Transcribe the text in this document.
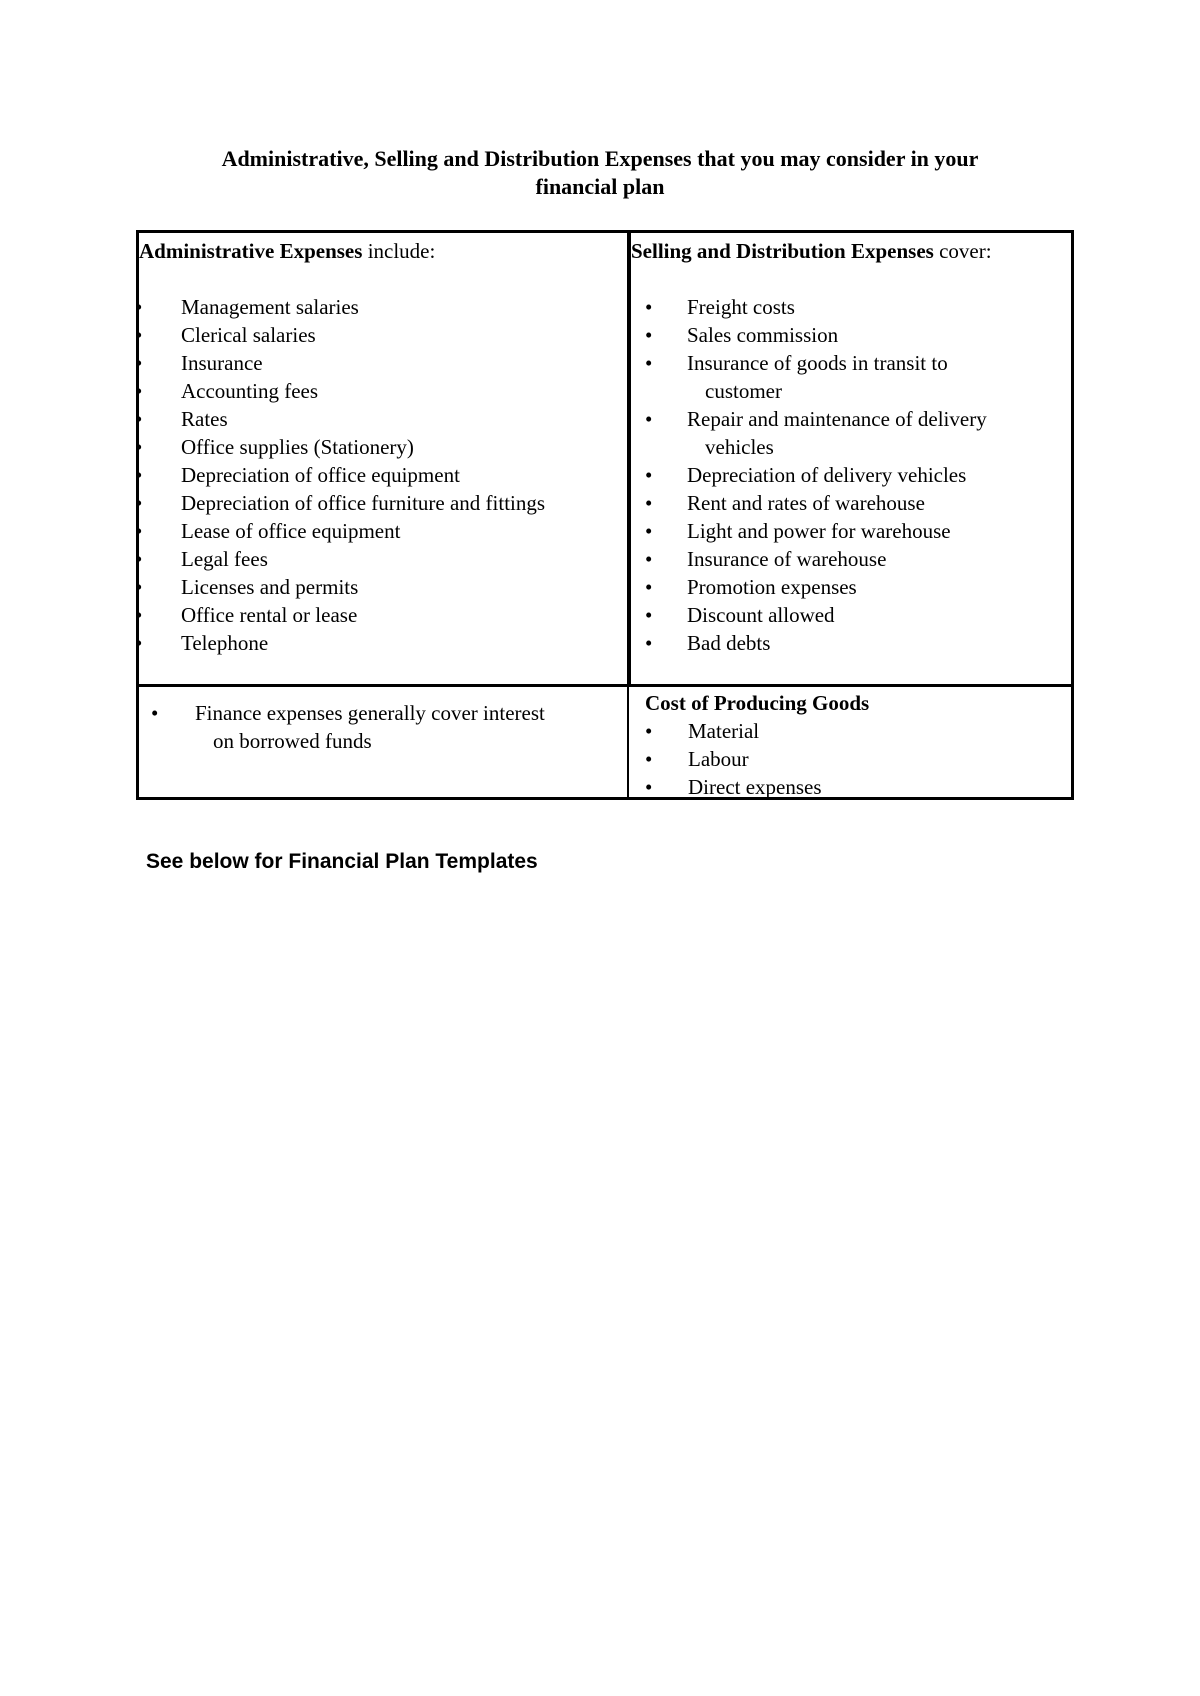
Administrative, Selling and Distribution Expenses that you may consider in your
financial plan
Administrative Expenses include:
• Management salaries
• Clerical salaries
• Insurance
• Accounting fees
• Rates
• Office supplies (Stationery)
• Depreciation of office equipment
• Depreciation of office furniture and fittings
• Lease of office equipment
• Legal fees
• Licenses and permits
• Office rental or lease
• Telephone
Selling and Distribution Expenses cover:
• Freight costs
• Sales commission
• Insurance of goods in transit to
customer
• Repair and maintenance of delivery
vehicles
• Depreciation of delivery vehicles
• Rent and rates of warehouse
• Light and power for warehouse
• Insurance of warehouse
• Promotion expenses
• Discount allowed
• Bad debts
• Finance expenses generally cover interest
on borrowed funds
Cost of Producing Goods
• Material
• Labour
• Direct expenses
See below for Financial Plan Templates
